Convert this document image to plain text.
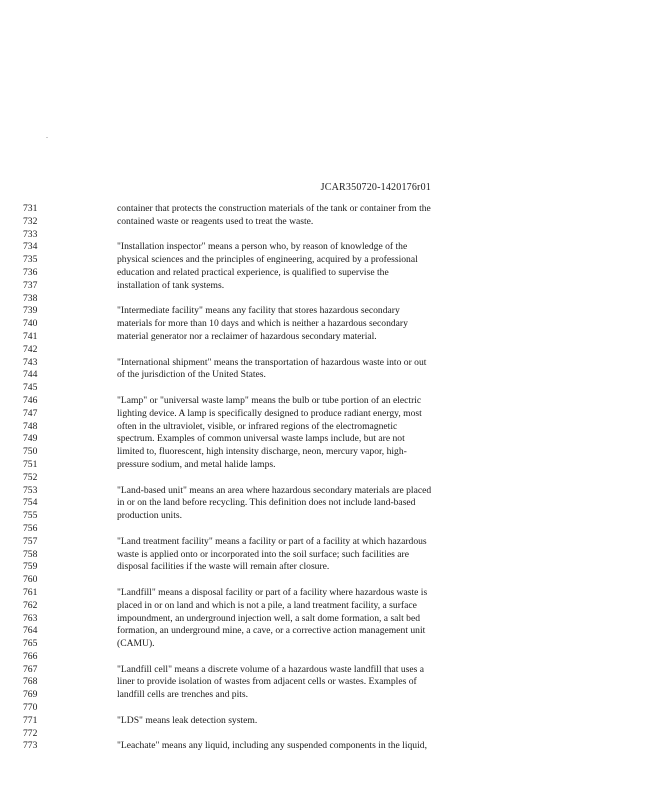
.
JCAR350720-1420176r01
731	container that protects the construction materials of the tank or container from the
732	contained waste or reagents used to treat the waste.
733
734	"Installation inspector" means a person who, by reason of knowledge of the
735	physical sciences and the principles of engineering, acquired by a professional
736	education and related practical experience, is qualified to supervise the
737	installation of tank systems.
738
739	"Intermediate facility" means any facility that stores hazardous secondary
740	materials for more than 10 days and which is neither a hazardous secondary
741	material generator nor a reclaimer of hazardous secondary material.
742
743	"International shipment" means the transportation of hazardous waste into or out
744	of the jurisdiction of the United States.
745
746	"Lamp" or "universal waste lamp" means the bulb or tube portion of an electric
747	lighting device. A lamp is specifically designed to produce radiant energy, most
748	often in the ultraviolet, visible, or infrared regions of the electromagnetic
749	spectrum. Examples of common universal waste lamps include, but are not
750	limited to, fluorescent, high intensity discharge, neon, mercury vapor, high-
751	pressure sodium, and metal halide lamps.
752
753	"Land-based unit" means an area where hazardous secondary materials are placed
754	in or on the land before recycling. This definition does not include land-based
755	production units.
756
757	"Land treatment facility" means a facility or part of a facility at which hazardous
758	waste is applied onto or incorporated into the soil surface; such facilities are
759	disposal facilities if the waste will remain after closure.
760
761	"Landfill" means a disposal facility or part of a facility where hazardous waste is
762	placed in or on land and which is not a pile, a land treatment facility, a surface
763	impoundment, an underground injection well, a salt dome formation, a salt bed
764	formation, an underground mine, a cave, or a corrective action management unit
765	(CAMU).
766
767	"Landfill cell" means a discrete volume of a hazardous waste landfill that uses a
768	liner to provide isolation of wastes from adjacent cells or wastes. Examples of
769	landfill cells are trenches and pits.
770
771	"LDS" means leak detection system.
772
773	"Leachate" means any liquid, including any suspended components in the liquid,
